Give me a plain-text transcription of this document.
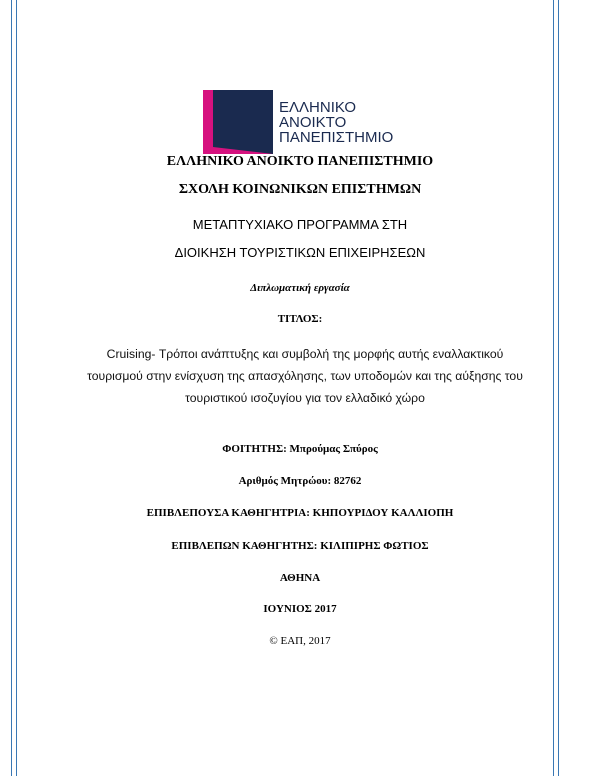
ΕΛΛΗΝΙΚΟ
ΑΝΟΙΚΤΟ
ΠΑΝΕΠΙΣΤΗΜΙΟ
ΕΛΛΗΝΙΚΟ ΑΝΟΙΚΤΟ ΠΑΝΕΠΙΣΤΗΜΙΟ
ΣΧΟΛΗ ΚΟΙΝΩΝΙΚΩΝ ΕΠΙΣΤΗΜΩΝ
ΜΕΤΑΠΤΥΧΙΑΚΟ ΠΡΟΓΡΑΜΜΑ ΣΤΗ
ΔΙΟΙΚΗΣΗ ΤΟΥΡΙΣΤΙΚΩΝ ΕΠΙΧΕΙΡΗΣΕΩΝ
Διπλωματική εργασία
ΤΙΤΛΟΣ:
Cruising- Τρόποι ανάπτυξης και συμβολή της μορφής αυτής εναλλακτικού τουρισμού στην ενίσχυση της απασχόλησης, των υποδομών και της αύξησης του τουριστικού ισοζυγίου για τον ελλαδικό χώρο
ΦΟΙΤΗΤΗΣ: Μπρούμας Σπύρος
Αριθμός Μητρώου: 82762
ΕΠΙΒΛΕΠΟΥΣΑ ΚΑΘΗΓΗΤΡΙΑ: ΚΗΠΟΥΡΙΔΟΥ ΚΑΛΛΙΟΠΗ
ΕΠΙΒΛΕΠΩΝ ΚΑΘΗΓΗΤΗΣ: ΚΙΛΙΠΙΡΗΣ ΦΩΤΙΟΣ
ΑΘΗΝΑ
ΙΟΥΝΙΟΣ 2017
© ΕΑΠ, 2017
